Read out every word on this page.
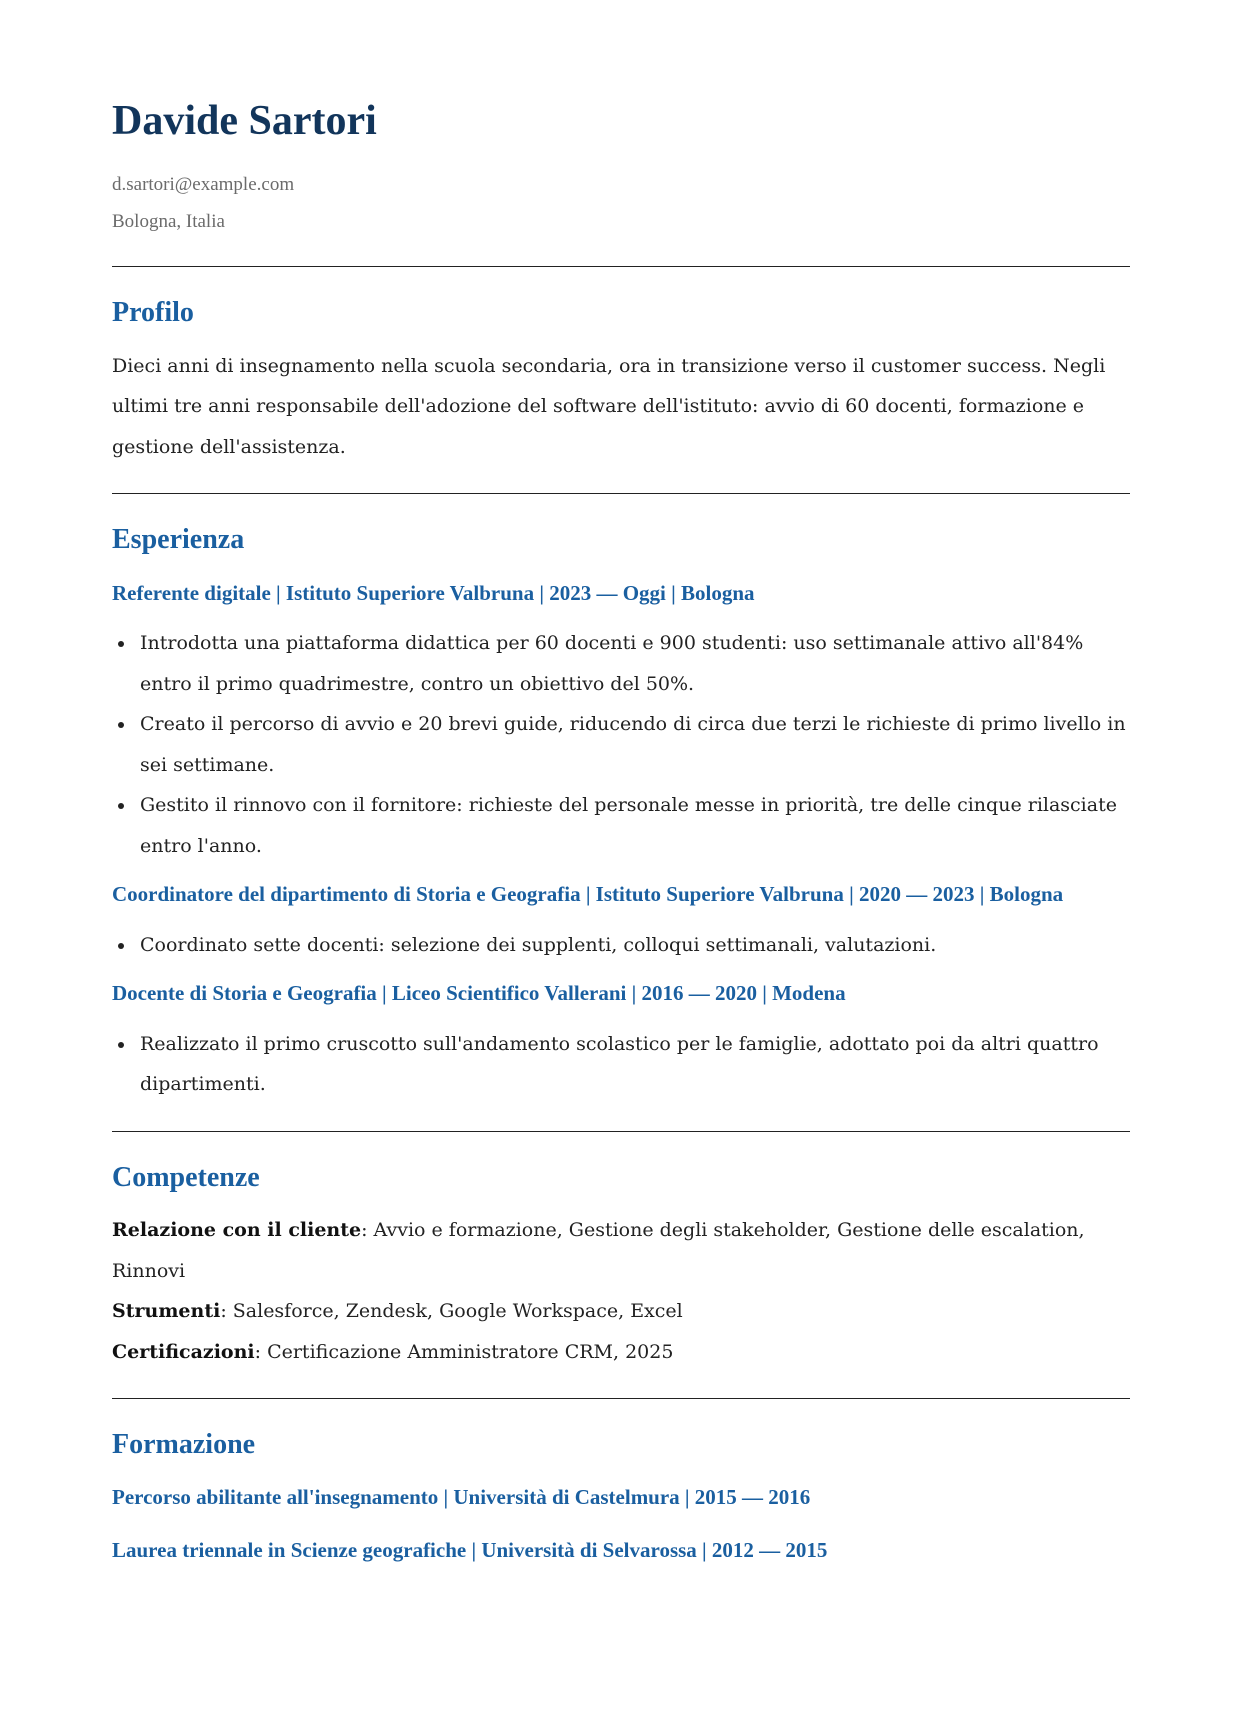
Davide Sartori
d.sartori@example.com
Bologna, Italia
Profilo

Dieci anni di insegnamento nella scuola secondaria, ora in transizione verso il customer success. Negli ultimi tre anni responsabile dell'adozione del software dell'istituto: avvio di 60 docenti, formazione e gestione dell'assistenza.

Esperienza
Referente digitale | Istituto Superiore Valbruna | 2023 — Oggi | Bologna
Introdotta una piattaforma didattica per 60 docenti e 900 studenti: uso settimanale attivo all'84% entro il primo quadrimestre, contro un obiettivo del 50%.
Creato il percorso di avvio e 20 brevi guide, riducendo di circa due terzi le richieste di primo livello in sei settimane.
Gestito il rinnovo con il fornitore: richieste del personale messe in priorità, tre delle cinque rilasciate entro l'anno.
Coordinatore del dipartimento di Storia e Geografia | Istituto Superiore Valbruna | 2020 — 2023 | Bologna
Coordinato sette docenti: selezione dei supplenti, colloqui settimanali, valutazioni.
Docente di Storia e Geografia | Liceo Scientifico Vallerani | 2016 — 2020 | Modena
Realizzato il primo cruscotto sull'andamento scolastico per le famiglie, adottato poi da altri quattro dipartimenti.
Competenze

Relazione con il cliente: Avvio e formazione, Gestione degli stakeholder, Gestione delle escalation, Rinnovi

Strumenti: Salesforce, Zendesk, Google Workspace, Excel

Certificazioni: Certificazione Amministratore CRM, 2025

Formazione
Percorso abilitante all'insegnamento | Università di Castelmura | 2015 — 2016
Laurea triennale in Scienze geografiche | Università di Selvarossa | 2012 — 2015
